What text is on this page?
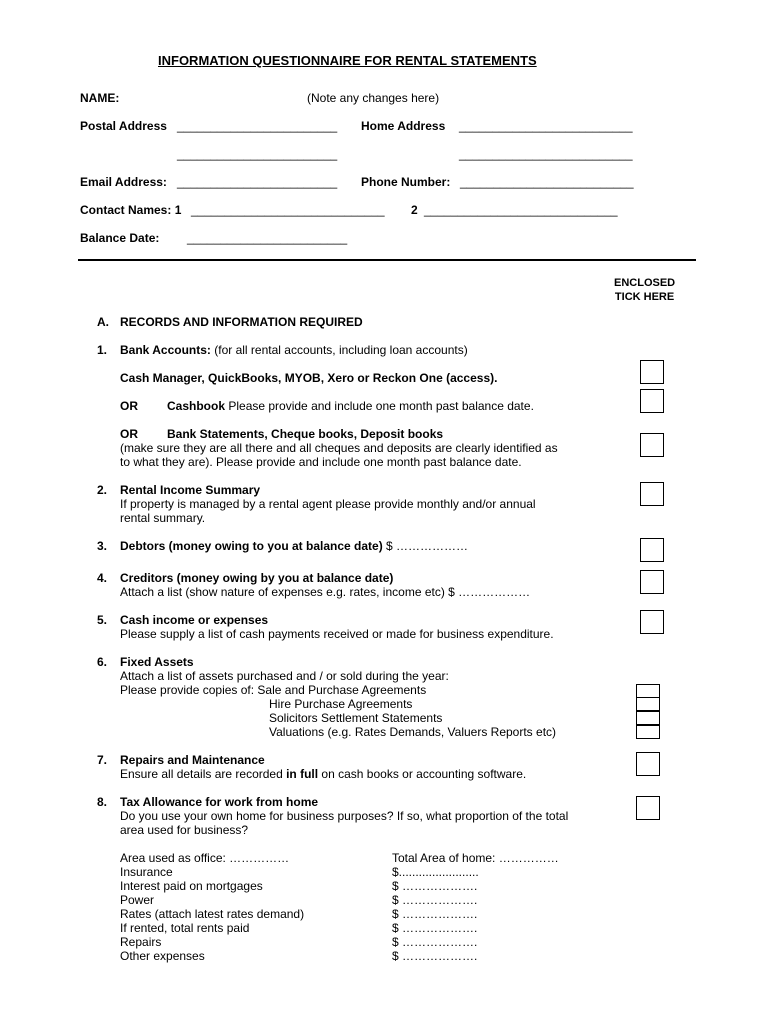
INFORMATION QUESTIONNAIRE FOR RENTAL STATEMENTS
NAME:	(Note any changes here)
Postal Address ________________________ Home Address __________________________
________________________	__________________________
Email Address: ________________________ Phone Number: __________________________
Contact Names: 1 _____________________________ 2 _____________________________
Balance Date: ________________________
ENCLOSED
TICK HERE
A. RECORDS AND INFORMATION REQUIRED
1. Bank Accounts: (for all rental accounts, including loan accounts)
Cash Manager, QuickBooks, MYOB, Xero or Reckon One (access).
OR Cashbook Please provide and include one month past balance date.
OR Bank Statements, Cheque books, Deposit books
(make sure they are all there and all cheques and deposits are clearly identified as
to what they are). Please provide and include one month past balance date.
2. Rental Income Summary
If property is managed by a rental agent please provide monthly and/or annual
rental summary.
3. Debtors (money owing to you at balance date) $ ………………
4. Creditors (money owing by you at balance date)
Attach a list (show nature of expenses e.g. rates, income etc) $ ………………
5. Cash income or expenses
Please supply a list of cash payments received or made for business expenditure.
6. Fixed Assets
Attach a list of assets purchased and / or sold during the year:
Please provide copies of: Sale and Purchase Agreements
Hire Purchase Agreements
Solicitors Settlement Statements
Valuations (e.g. Rates Demands, Valuers Reports etc)
7. Repairs and Maintenance
Ensure all details are recorded in full on cash books or accounting software.
8. Tax Allowance for work from home
Do you use your own home for business purposes? If so, what proportion of the total
area used for business?
Area used as office: ……………
Insurance
Interest paid on mortgages
Power
Rates (attach latest rates demand)
If rented, total rents paid
Repairs
Other expenses
Total Area of home: ……………
$........................
$ ……………….
$ ……………….
$ ……………….
$ ……………….
$ ……………….
$ ……………….
